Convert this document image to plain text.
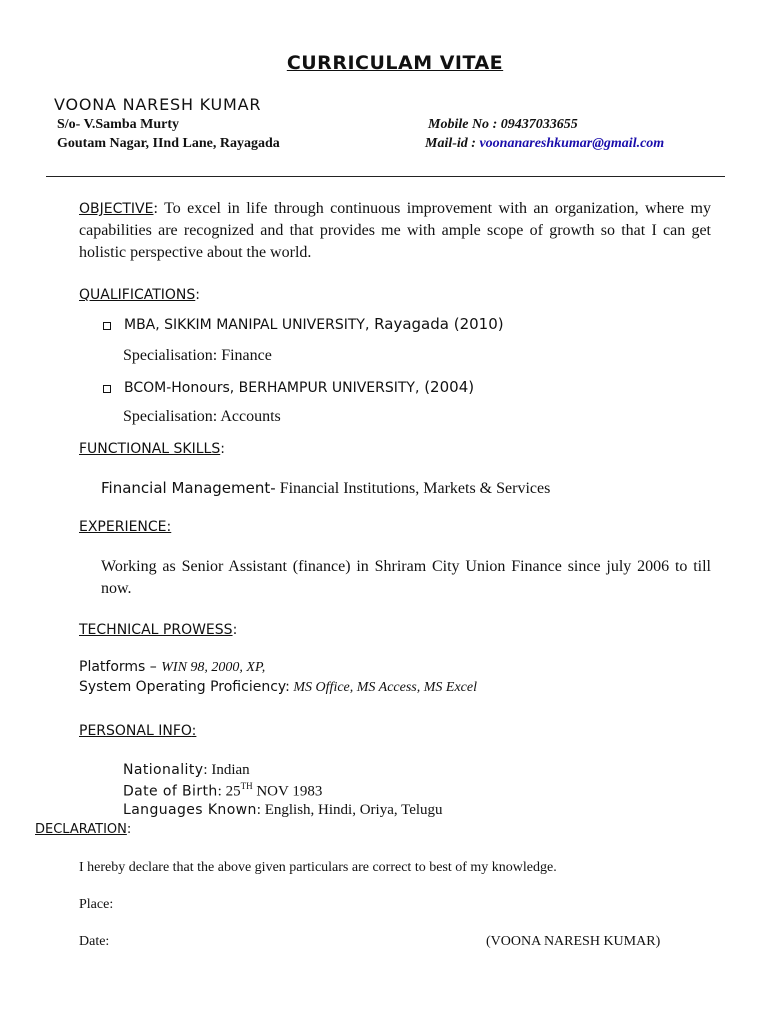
CURRICULAM VITAE
VOONA NARESH KUMAR
S/o- V.Samba Murty
Goutam Nagar, IInd Lane, Rayagada
Mobile No : 09437033655
Mail-id : voonanareshkumar@gmail.com
OBJECTIVE: To excel in life through continuous improvement with an organization, where my capabilities are recognized and that provides me with ample scope of growth so that I can get holistic perspective about the world.
QUALIFICATIONS:
MBA, SIKKIM MANIPAL UNIVERSITY, Rayagada (2010)
Specialisation: Finance
BCOM-Honours, BERHAMPUR UNIVERSITY, (2004)
Specialisation: Accounts
FUNCTIONAL SKILLS:
Financial Management- Financial Institutions, Markets & Services
EXPERIENCE:
Working as Senior Assistant (finance) in Shriram City Union Finance since july 2006 to till now.
TECHNICAL PROWESS:
Platforms – WIN 98, 2000, XP,
System Operating Proficiency: MS Office, MS Access, MS Excel
PERSONAL INFO:
Nationality: Indian
Date of Birth: 25TH NOV 1983
Languages Known: English, Hindi, Oriya, Telugu
DECLARATION:
I hereby declare that the above given particulars are correct to best of my knowledge.
Place:
Date:	(VOONA NARESH KUMAR)
